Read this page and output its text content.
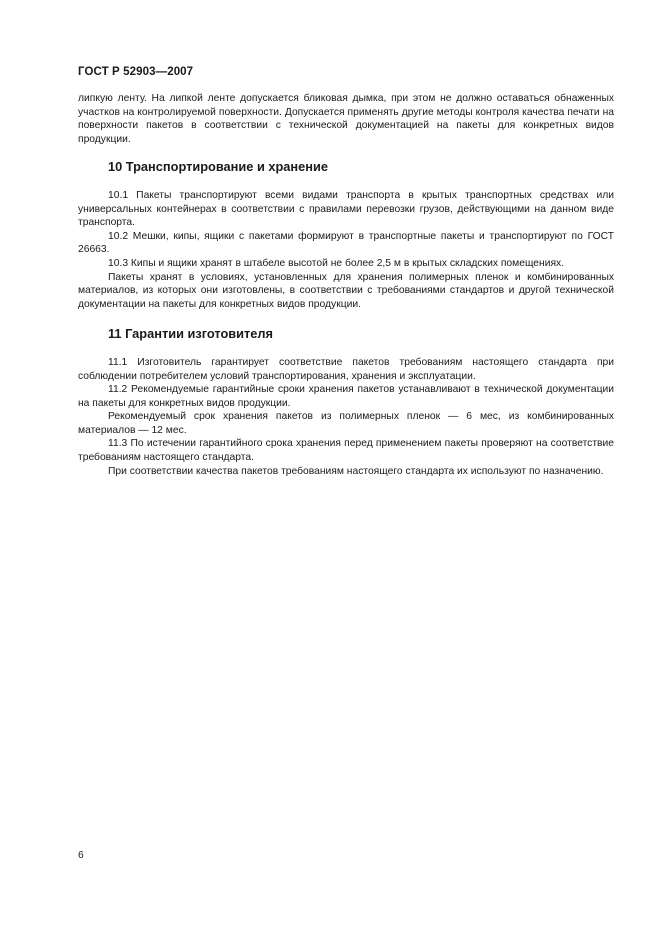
ГОСТ Р 52903—2007

липкую ленту. На липкой ленте допускается бликовая дымка, при этом не должно оставаться обнаженных участков на контролируемой поверхности. Допускается применять другие методы контроля качества печати на поверхности пакетов в соответствии с технической документацией на пакеты для конкретных видов продукции.

10 Транспортирование и хранение

10.1 Пакеты транспортируют всеми видами транспорта в крытых транспортных средствах или универсальных контейнерах в соответствии с правилами перевозки грузов, действующими на данном виде транспорта.

10.2 Мешки, кипы, ящики с пакетами формируют в транспортные пакеты и транспортируют по ГОСТ 26663.

10.3 Кипы и ящики хранят в штабеле высотой не более 2,5 м в крытых складских помещениях.

Пакеты хранят в условиях, установленных для хранения полимерных пленок и комбинированных материалов, из которых они изготовлены, в соответствии с требованиями стандартов и другой технической документации на пакеты для конкретных видов продукции.

11 Гарантии изготовителя

11.1 Изготовитель гарантирует соответствие пакетов требованиям настоящего стандарта при соблюдении потребителем условий транспортирования, хранения и эксплуатации.

11.2 Рекомендуемые гарантийные сроки хранения пакетов устанавливают в технической документации на пакеты для конкретных видов продукции.

Рекомендуемый срок хранения пакетов из полимерных пленок — 6 мес, из комбинированных материалов — 12 мес.

11.3 По истечении гарантийного срока хранения перед применением пакеты проверяют на соответствие требованиям настоящего стандарта.

При соответствии качества пакетов требованиям настоящего стандарта их используют по назначению.

6
